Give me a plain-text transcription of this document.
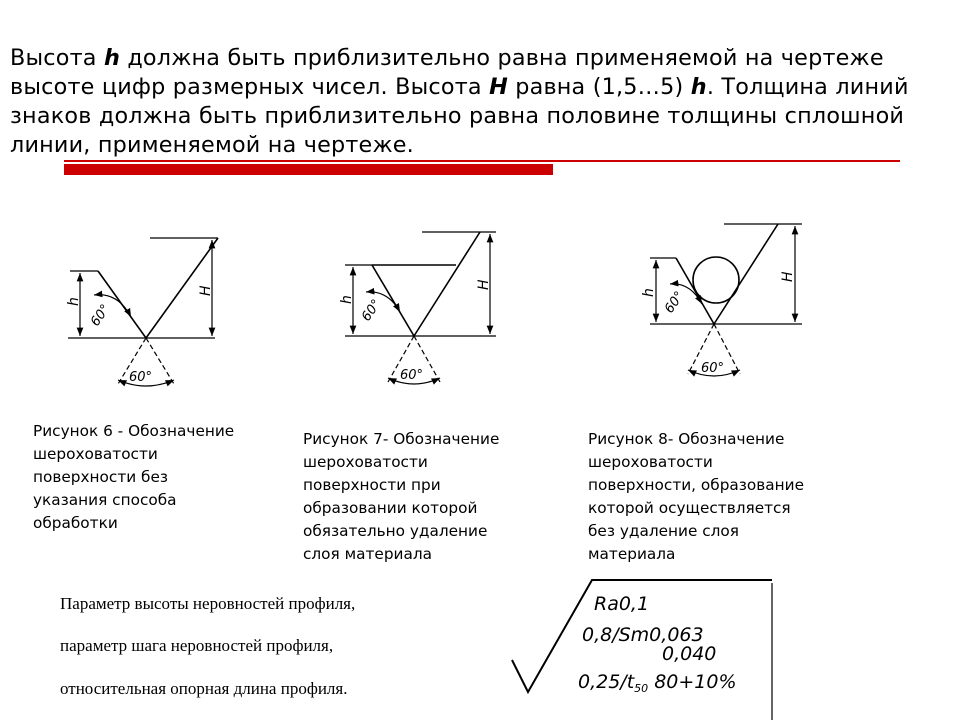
Высота h должна быть приблизительно равна применяемой на чертеже высоте цифр размерных чисел. Высота H равна (1,5…5) h. Толщина линий знаков должна быть приблизительно равна половине толщины сплошной линии, применяемой на чертеже.
h
H
60°
60°
h
H
60°
60°
h
H
60°
60°
Ra0,1
0,8/Sm0,063
0,040
$0,25/t_{50}$ 80+10%
Рисунок 6 - Обозначение
шероховатости
поверхности без
указания способа
обработки
Рисунок 7- Обозначение
шероховатости
поверхности при
образовании которой
обязательно удаление
слоя материала
Рисунок 8- Обозначение
шероховатости
поверхности, образование
которой осуществляется
без удаление слоя
материала
Параметр высоты неровностей профиля,
параметр шага неровностей профиля,
относительная опорная длина профиля.
